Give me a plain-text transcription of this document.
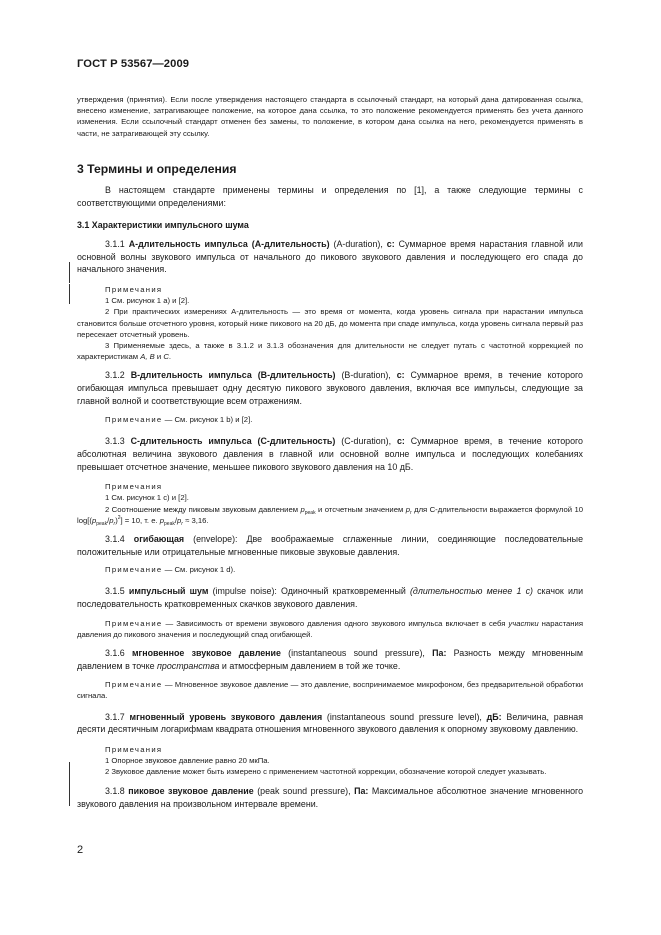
ГОСТ Р 53567—2009

утверждения (принятия). Если после утверждения настоящего стандарта в ссылочный стандарт, на который дана датированная ссылка, внесено изменение, затрагивающее положение, на которое дана ссылка, то это положение рекомендуется применять без учета данного изменения. Если ссылочный стандарт отменен без замены, то положение, в котором дана ссылка на него, рекомендуется применять в части, не затрагивающей эту ссылку.

3 Термины и определения

В настоящем стандарте применены термины и определения по [1], а также следующие термины с соответствующими определениями:

3.1 Характеристики импульсного шума

3.1.1 А-длительность импульса (А-длительность) (A-duration), с: Суммарное время нарастания главной или основной волны звукового импульса от начального до пикового звукового давления и последующего его спада до начального значения.

Примечания

1 См. рисунок 1 а) и [2].

2 При практических измерениях А-длительность — это время от момента, когда уровень сигнала при нарастании импульса становится больше отсчетного уровня, который ниже пикового на 20 дБ, до момента при спаде импульса, когда уровень сигнала первый раз пересекает отсчетный уровень.

3 Применяемые здесь, а также в 3.1.2 и 3.1.3 обозначения для длительности не следует путать с частотной коррекцией по характеристикам А, В и С.

3.1.2 В-длительность импульса (В-длительность) (B-duration), с: Суммарное время, в течение которого огибающая импульса превышает одну десятую пикового звукового давления, включая все импульсы, следующие за главной волной и соответствующие всем отражениям.

Примечание — См. рисунок 1 b) и [2].

3.1.3 С-длительность импульса (С-длительность) (C-duration), с: Суммарное время, в течение которого абсолютная величина звукового давления в главной или основной волне импульса и последующих колебаниях превышает отсчетное значение, меньшее пикового звукового давления на 10 дБ.

Примечания

1 См. рисунок 1 с) и [2].

2 Соотношение между пиковым звуковым давлением $p_{peak}$ и отсчетным значением $p_r$ для С-длительности выражается формулой 10 $\log[(p_{peak}/p_r)^2] = 10$, т. е. $p_{peak}/p_r \approx 3,16$.

3.1.4 огибающая (envelope): Две воображаемые сглаженные линии, соединяющие последовательные положительные или отрицательные мгновенные пиковые звуковые давления.

Примечание — См. рисунок 1 d).

3.1.5 импульсный шум (impulse noise): Одиночный кратковременный (длительностью менее 1 с) скачок или последовательность кратковременных скачков звукового давления.

Примечание — Зависимость от времени звукового давления одного звукового импульса включает в себя участки нарастания давления до пикового значения и последующий спад огибающей.

3.1.6 мгновенное звуковое давление (instantaneous sound pressure), Па: Разность между мгновенным давлением в точке пространства и атмосферным давлением в той же точке.

Примечание — Мгновенное звуковое давление — это давление, воспринимаемое микрофоном, без предварительной обработки сигнала.

3.1.7 мгновенный уровень звукового давления (instantaneous sound pressure level), дБ: Величина, равная десяти десятичным логарифмам квадрата отношения мгновенного звукового давления к опорному звуковому давлению.

Примечания

1 Опорное звуковое давление равно 20 мкПа.

2 Звуковое давление может быть измерено с применением частотной коррекции, обозначение которой следует указывать.

3.1.8 пиковое звуковое давление (peak sound pressure), Па: Максимальное абсолютное значение мгновенного звукового давления на произвольном интервале времени.

2
